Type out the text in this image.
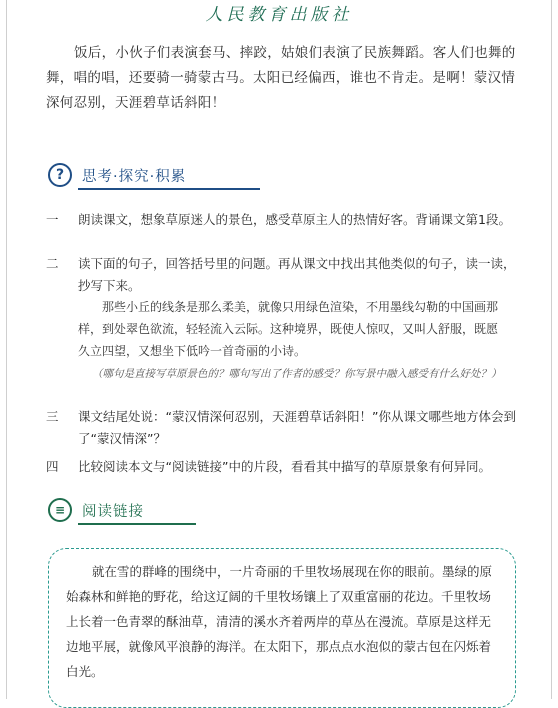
人民教育出版社
饭后，小伙子们表演套马、摔跤，姑娘们表演了民族舞蹈。客人们也舞的舞，唱的唱，还要骑一骑蒙古马。太阳已经偏西，谁也不肯走。是啊！蒙汉情深何忍别，天涯碧草话斜阳！
?	思考·探究·积累
一	朗读课文，想象草原迷人的景色，感受草原主人的热情好客。背诵课文第1段。
二	读下面的句子，回答括号里的问题。再从课文中找出其他类似的句子，读一读，抄写下来。
那些小丘的线条是那么柔美，就像只用绿色渲染，不用墨线勾勒的中国画那样，到处翠色欲流，轻轻流入云际。这种境界，既使人惊叹，又叫人舒服，既愿久立四望，又想坐下低吟一首奇丽的小诗。
（哪句是直接写草原景色的？哪句写出了作者的感受？你写景中融入感受有什么好处？）
三	课文结尾处说：“蒙汉情深何忍别，天涯碧草话斜阳！”你从课文哪些地方体会到了“蒙汉情深”？
四	比较阅读本文与“阅读链接”中的片段，看看其中描写的草原景象有何异同。
≡	阅读链接
就在雪的群峰的围绕中，一片奇丽的千里牧场展现在你的眼前。墨绿的原始森林和鲜艳的野花，给这辽阔的千里牧场镶上了双重富丽的花边。千里牧场上长着一色青翠的酥油草，清清的溪水齐着两岸的草丛在漫流。草原是这样无边地平展，就像风平浪静的海洋。在太阳下，那点点水泡似的蒙古包在闪烁着白光。
